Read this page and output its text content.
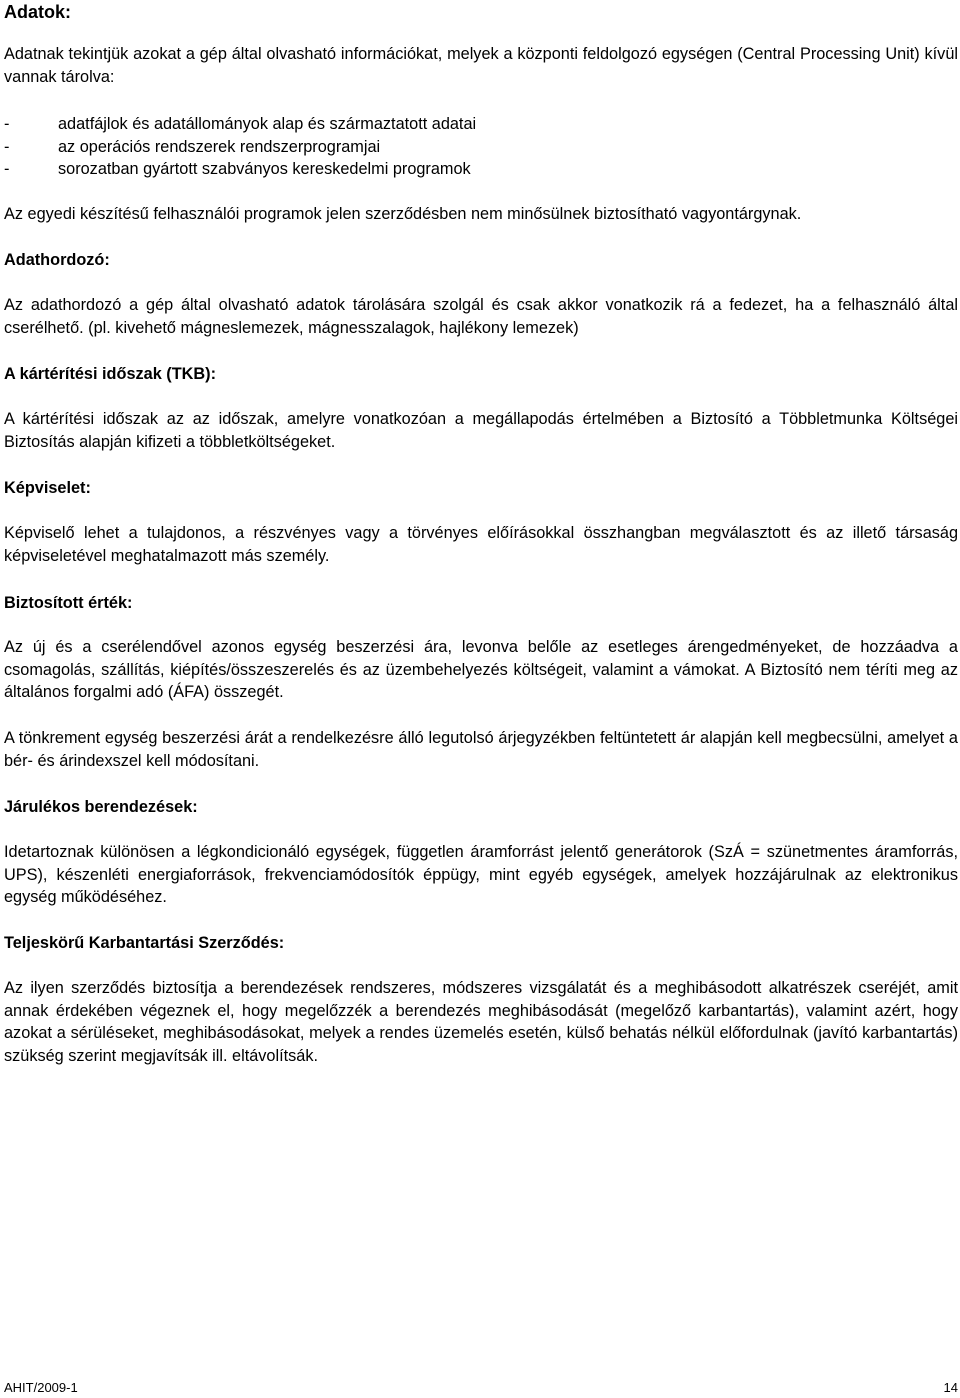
Adatok:

Adatnak tekintjük azokat a gép által olvasható információkat, melyek a központi feldolgozó egységen (Central Processing Unit) kívül vannak tárolva:

-	adatfájlok és adatállományok alap és származtatott adatai
-	az operációs rendszerek rendszerprogramjai
-	sorozatban gyártott szabványos kereskedelmi programok

Az egyedi készítésű felhasználói programok jelen szerződésben nem minősülnek biztosítható vagyontárgynak.

Adathordozó:

Az adathordozó a gép által olvasható adatok tárolására szolgál és csak akkor vonatkozik rá a fedezet, ha a felhasználó által cserélhető. (pl. kivehető mágneslemezek, mágnesszalagok, hajlékony lemezek)

A kártérítési időszak (TKB):

A kártérítési időszak az az időszak, amelyre vonatkozóan a megállapodás értelmében a Biztosító a Többletmunka Költségei Biztosítás alapján kifizeti a többletköltségeket.

Képviselet:

Képviselő lehet a tulajdonos, a részvényes vagy a törvényes előírásokkal összhangban megválasztott és az illető társaság képviseletével meghatalmazott más személy.

Biztosított érték:

Az új és a cserélendővel azonos egység beszerzési ára, levonva belőle az esetleges árengedményeket, de hozzáadva a csomagolás, szállítás, kiépítés/összeszerelés és az üzembehelyezés költségeit, valamint a vámokat. A Biztosító nem téríti meg az általános forgalmi adó (ÁFA) összegét.

A tönkrement egység beszerzési árát a rendelkezésre álló legutolsó árjegyzékben feltüntetett ár alapján kell megbecsülni, amelyet a bér- és árindexszel kell módosítani.

Járulékos berendezések:

Idetartoznak különösen a légkondicionáló egységek, független áramforrást jelentő generátorok (SzÁ = szünetmentes áramforrás, UPS), készenléti energiaforrások, frekvenciamódosítók éppügy, mint egyéb egységek, amelyek hozzájárulnak az elektronikus egység működéséhez.

Teljeskörű Karbantartási Szerződés:

Az ilyen szerződés biztosítja a berendezések rendszeres, módszeres vizsgálatát és a meghibásodott alkatrészek cseréjét, amit annak érdekében végeznek el, hogy megelőzzék a berendezés meghibásodását (megelőző karbantartás), valamint azért, hogy azokat a sérüléseket, meghibásodásokat, melyek a rendes üzemelés esetén, külső behatás nélkül előfordulnak (javító karbantartás) szükség szerint megjavítsák ill. eltávolítsák.

AHIT/2009-1	14
